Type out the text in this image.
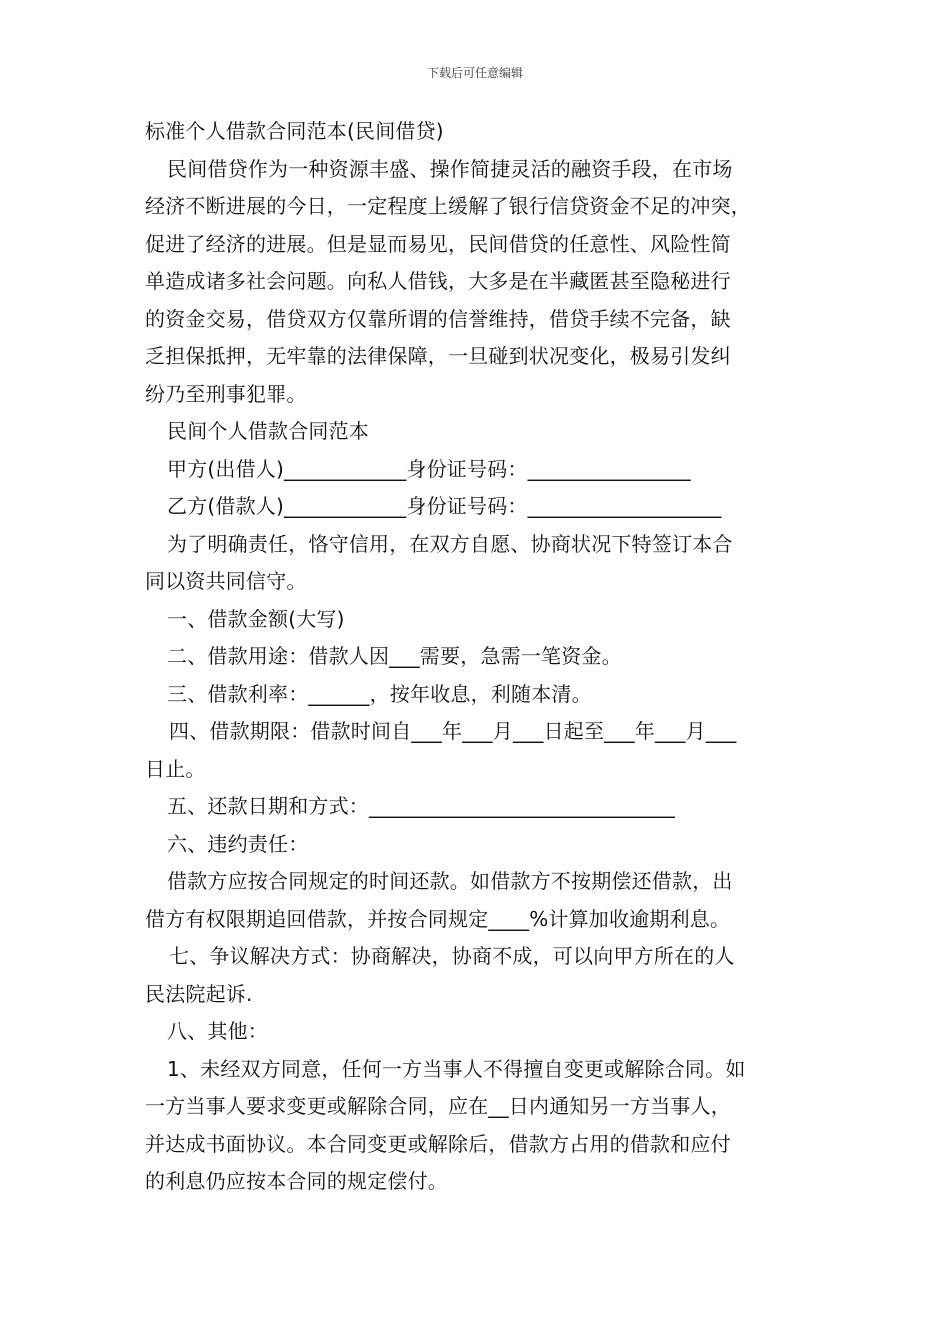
下载后可任意编辑
标准个人借款合同范本(民间借贷)
民间借贷作为一种资源丰盛、操作简捷灵活的融资手段，在市场
经济不断进展的今日，一定程度上缓解了银行信贷资金不足的冲突，
促进了经济的进展。但是显而易见，民间借贷的任意性、风险性简
单造成诸多社会问题。向私人借钱，大多是在半藏匿甚至隐秘进行
的资金交易，借贷双方仅靠所谓的信誉维持，借贷手续不完备，缺
乏担保抵押，无牢靠的法律保障，一旦碰到状况变化，极易引发纠
纷乃至刑事犯罪。
民间个人借款合同范本
甲方(出借人)____________身份证号码：________________
乙方(借款人)____________身份证号码：___________________
为了明确责任，恪守信用，在双方自愿、协商状况下特签订本合
同以资共同信守。
一、借款金额(大写)
二、借款用途：借款人因___需要，急需一笔资金。
三、借款利率：______，按年收息，利随本清。
四、借款期限：借款时间自___年___月___日起至___年___月___
日止。
五、还款日期和方式：______________________________
六、违约责任：
借款方应按合同规定的时间还款。如借款方不按期偿还借款，出
借方有权限期追回借款，并按合同规定____%计算加收逾期利息。
七、争议解决方式：协商解决，协商不成，可以向甲方所在的人
民法院起诉.
八、其他：
1、未经双方同意，任何一方当事人不得擅自变更或解除合同。如
一方当事人要求变更或解除合同，应在__日内通知另一方当事人，
并达成书面协议。本合同变更或解除后，借款方占用的借款和应付
的利息仍应按本合同的规定偿付。
